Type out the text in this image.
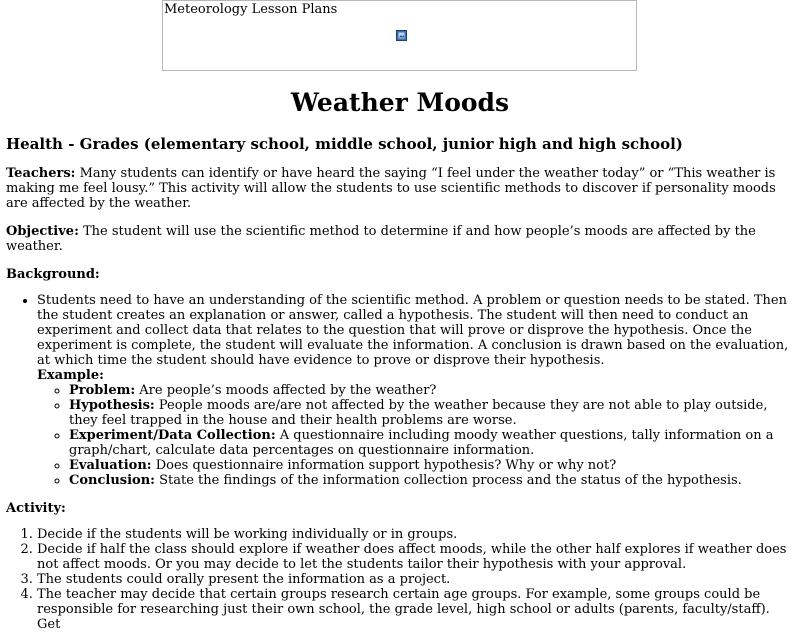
Meteorology Lesson Plans
Weather Moods
Health - Grades (elementary school, middle school, junior high and high school)

Teachers: Many students can identify or have heard the saying “I feel under the weather today” or “This weather is making me feel lousy.” This activity will allow the students to use scientific methods to discover if personality moods are affected by the weather.

Objective: The student will use the scientific method to determine if and how people’s moods are affected by the weather.

Background:

• Students need to have an understanding of the scientific method. A problem or question needs to be stated. Then the student creates an explanation or answer, called a hypothesis. The student will then need to conduct an experiment and collect data that relates to the question that will prove or disprove the hypothesis. Once the experiment is complete, the student will evaluate the information. A conclusion is drawn based on the evaluation, at which time the student should have evidence to prove or disprove their hypothesis.
Example:
◦ Problem: Are people’s moods affected by the weather?
◦ Hypothesis: People moods are/are not affected by the weather because they are not able to play outside, they feel trapped in the house and their health problems are worse.
◦ Experiment/Data Collection: A questionnaire including moody weather questions, tally information on a graph/chart, calculate data percentages on questionnaire information.
◦ Evaluation: Does questionnaire information support hypothesis? Why or why not?
◦ Conclusion: State the findings of the information collection process and the status of the hypothesis.

Activity:

1. Decide if the students will be working individually or in groups.
2. Decide if half the class should explore if weather does affect moods, while the other half explores if weather does not affect moods. Or you may decide to let the students tailor their hypothesis with your approval.
3. The students could orally present the information as a project.
4. The teacher may decide that certain groups research certain age groups. For example, some groups could be responsible for researching just their own school, the grade level, high school or adults (parents, faculty/staff). Get
